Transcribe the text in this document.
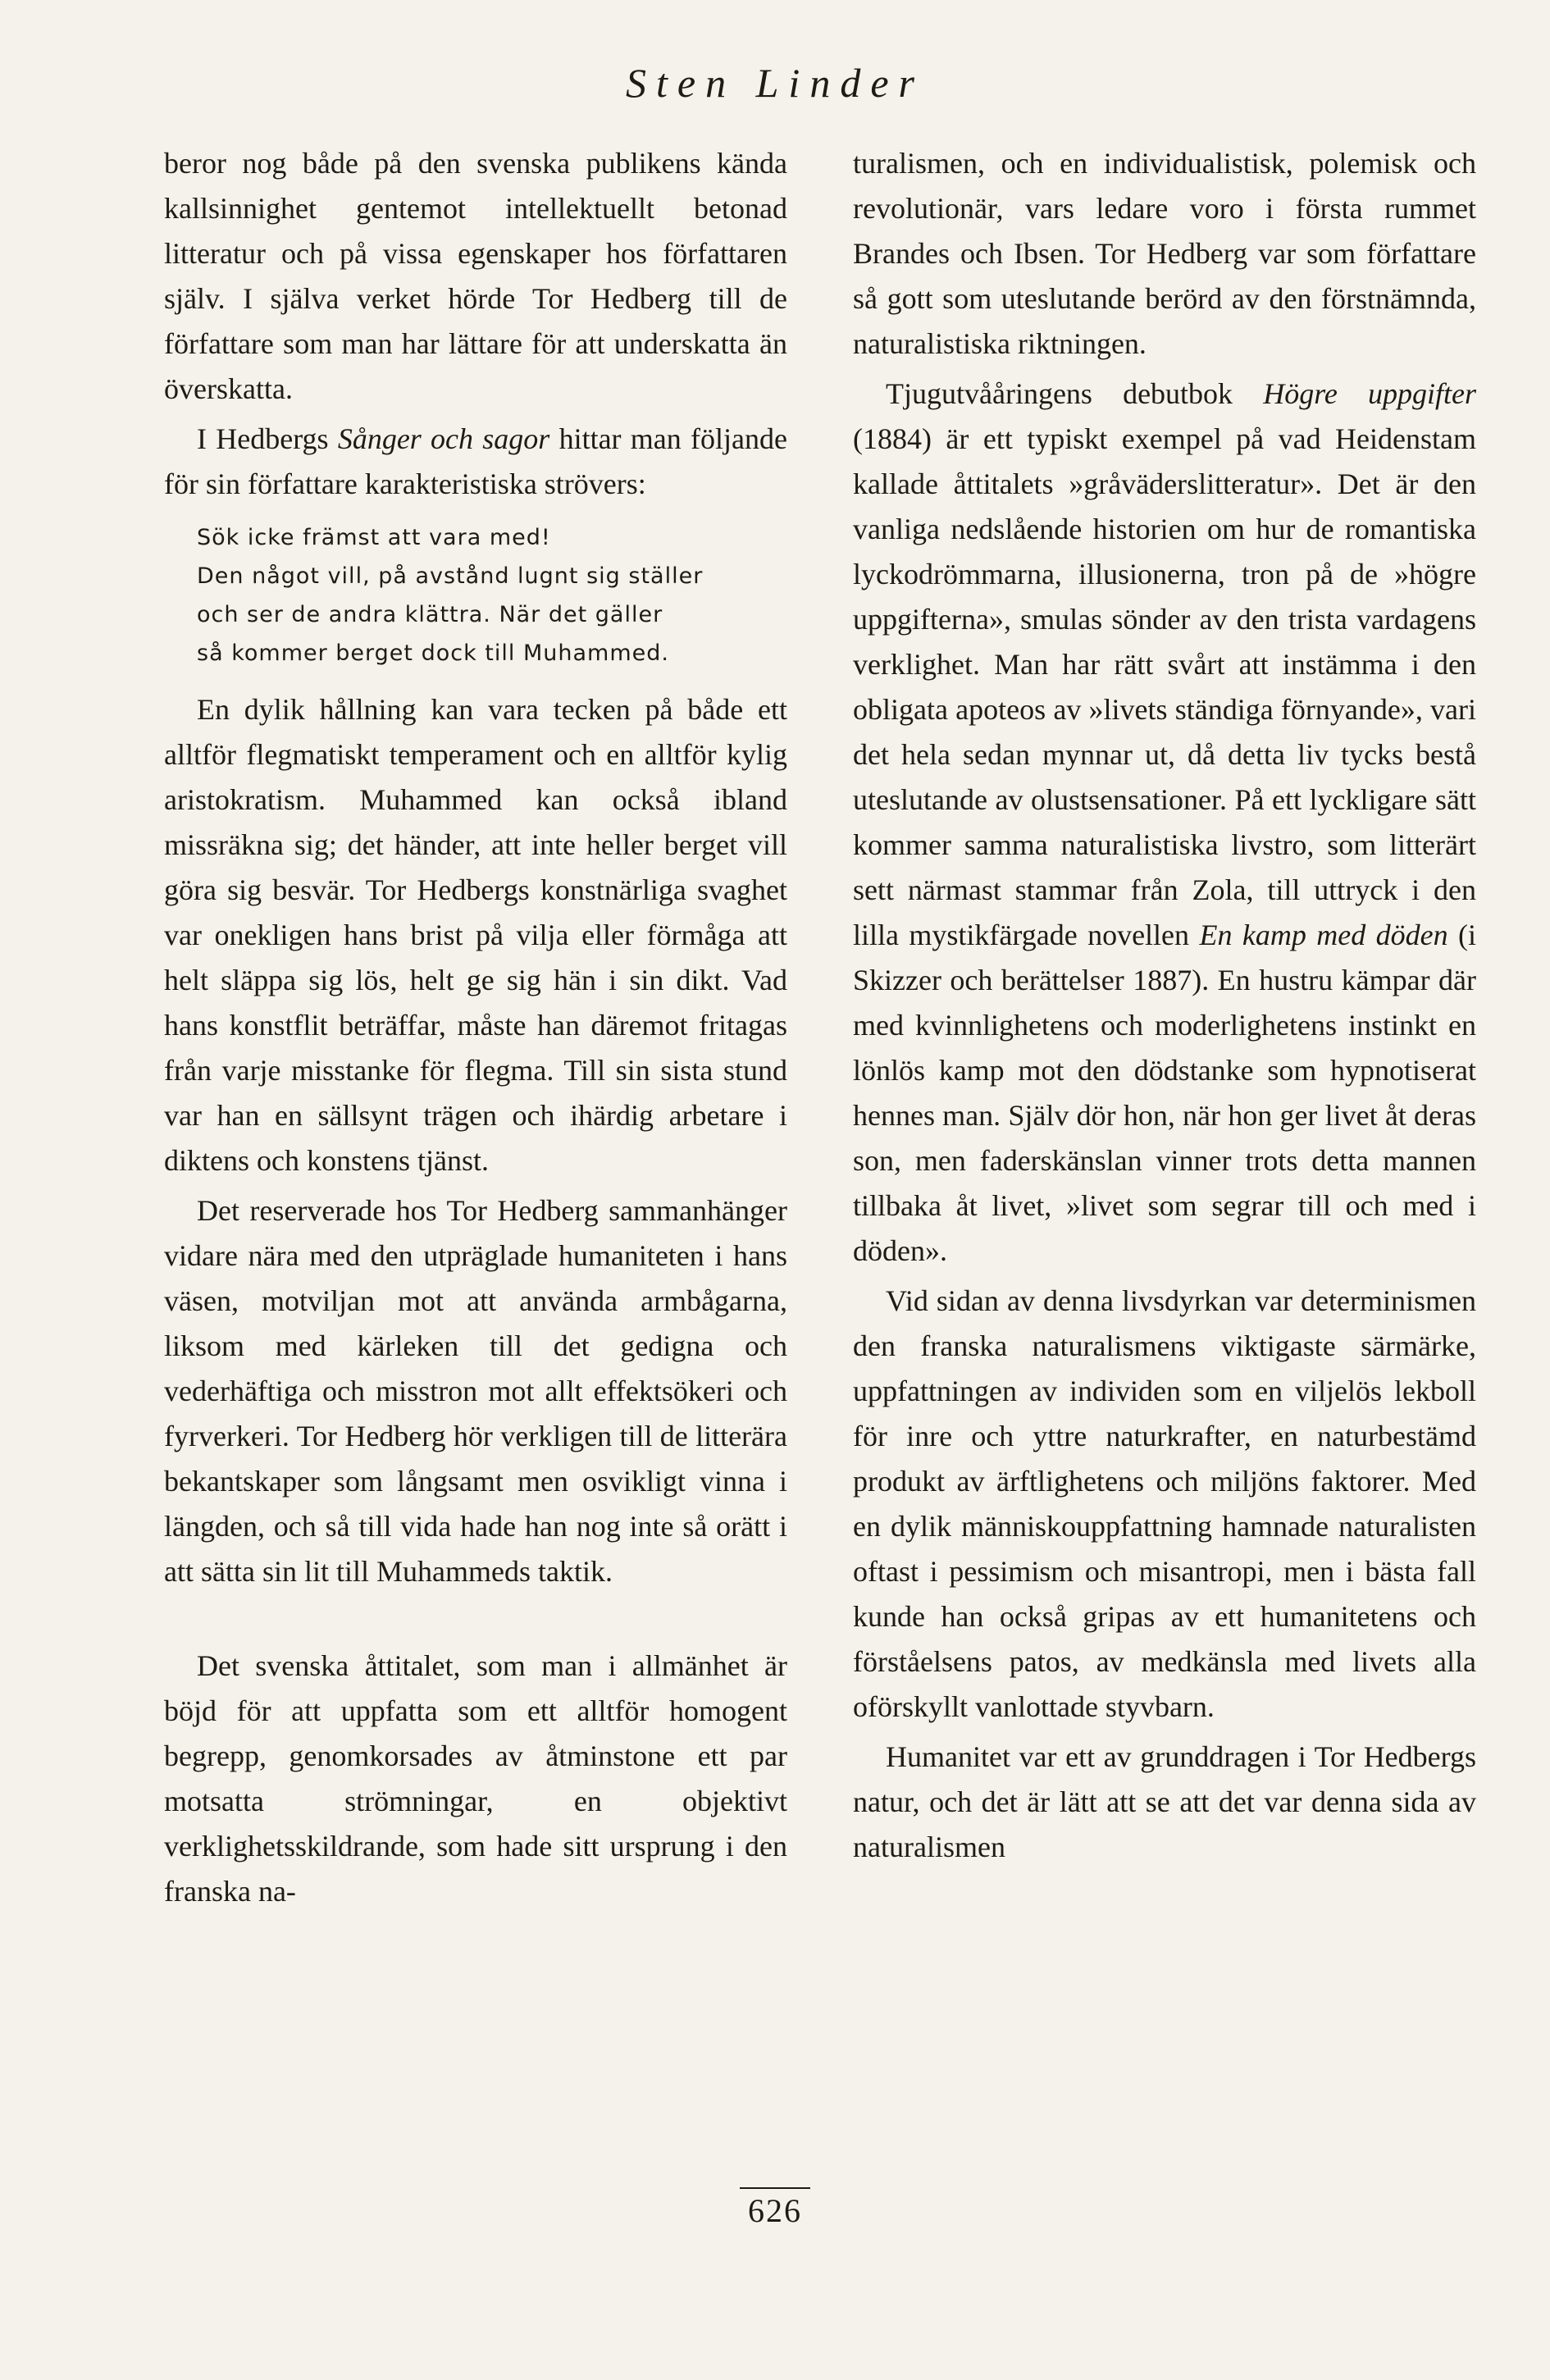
Sten Linder

beror nog både på den svenska publikens kända kallsinnighet gentemot intellektuellt betonad litteratur och på vissa egenskaper hos författaren själv. I själva verket hörde Tor Hedberg till de författare som man har lättare för att underskatta än överskatta.

I Hedbergs Sånger och sagor hittar man följande för sin författare karakteristiska strövers:

Sök icke främst att vara med!
Den något vill, på avstånd lugnt sig ställer
och ser de andra klättra. När det gäller
så kommer berget dock till Muhammed.

En dylik hållning kan vara tecken på både ett alltför flegmatiskt temperament och en alltför kylig aristokratism. Muhammed kan också ibland missräkna sig; det händer, att inte heller berget vill göra sig besvär. Tor Hedbergs konstnärliga svaghet var onekligen hans brist på vilja eller förmåga att helt släppa sig lös, helt ge sig hän i sin dikt. Vad hans konstflit beträffar, måste han däremot fritagas från varje misstanke för flegma. Till sin sista stund var han en sällsynt trägen och ihärdig arbetare i diktens och konstens tjänst.

Det reserverade hos Tor Hedberg sammanhänger vidare nära med den utpräglade humaniteten i hans väsen, motviljan mot att använda armbågarna, liksom med kärleken till det gedigna och vederhäftiga och misstron mot allt effektsökeri och fyrverkeri. Tor Hedberg hör verkligen till de litterära bekantskaper som långsamt men osvikligt vinna i längden, och så till vida hade han nog inte så orätt i att sätta sin lit till Muhammeds taktik.

Det svenska åttitalet, som man i allmänhet är böjd för att uppfatta som ett alltför homogent begrepp, genomkorsades av åtminstone ett par motsatta strömningar, en objektivt verklighetsskildrande, som hade sitt ursprung i den franska na-

turalismen, och en individualistisk, polemisk och revolutionär, vars ledare voro i första rummet Brandes och Ibsen. Tor Hedberg var som författare så gott som uteslutande berörd av den förstnämnda, naturalistiska riktningen.

Tjugutvååringens debutbok Högre uppgifter (1884) är ett typiskt exempel på vad Heidenstam kallade åttitalets »gråväderslitteratur». Det är den vanliga nedslående historien om hur de romantiska lyckodrömmarna, illusionerna, tron på de »högre uppgifterna», smulas sönder av den trista vardagens verklighet. Man har rätt svårt att instämma i den obligata apoteos av »livets ständiga förnyande», vari det hela sedan mynnar ut, då detta liv tycks bestå uteslutande av olustsensationer. På ett lyckligare sätt kommer samma naturalistiska livstro, som litterärt sett närmast stammar från Zola, till uttryck i den lilla mystikfärgade novellen En kamp med döden (i Skizzer och berättelser 1887). En hustru kämpar där med kvinnlighetens och moderlighetens instinkt en lönlös kamp mot den dödstanke som hypnotiserat hennes man. Själv dör hon, när hon ger livet åt deras son, men faderskänslan vinner trots detta mannen tillbaka åt livet, »livet som segrar till och med i döden».

Vid sidan av denna livsdyrkan var determinismen den franska naturalismens viktigaste särmärke, uppfattningen av individen som en viljelös lekboll för inre och yttre naturkrafter, en naturbestämd produkt av ärftlighetens och miljöns faktorer. Med en dylik människouppfattning hamnade naturalisten oftast i pessimism och misantropi, men i bästa fall kunde han också gripas av ett humanitetens och förståelsens patos, av medkänsla med livets alla oförskyllt vanlottade styvbarn.

Humanitet var ett av grunddragen i Tor Hedbergs natur, och det är lätt att se att det var denna sida av naturalismen

626
